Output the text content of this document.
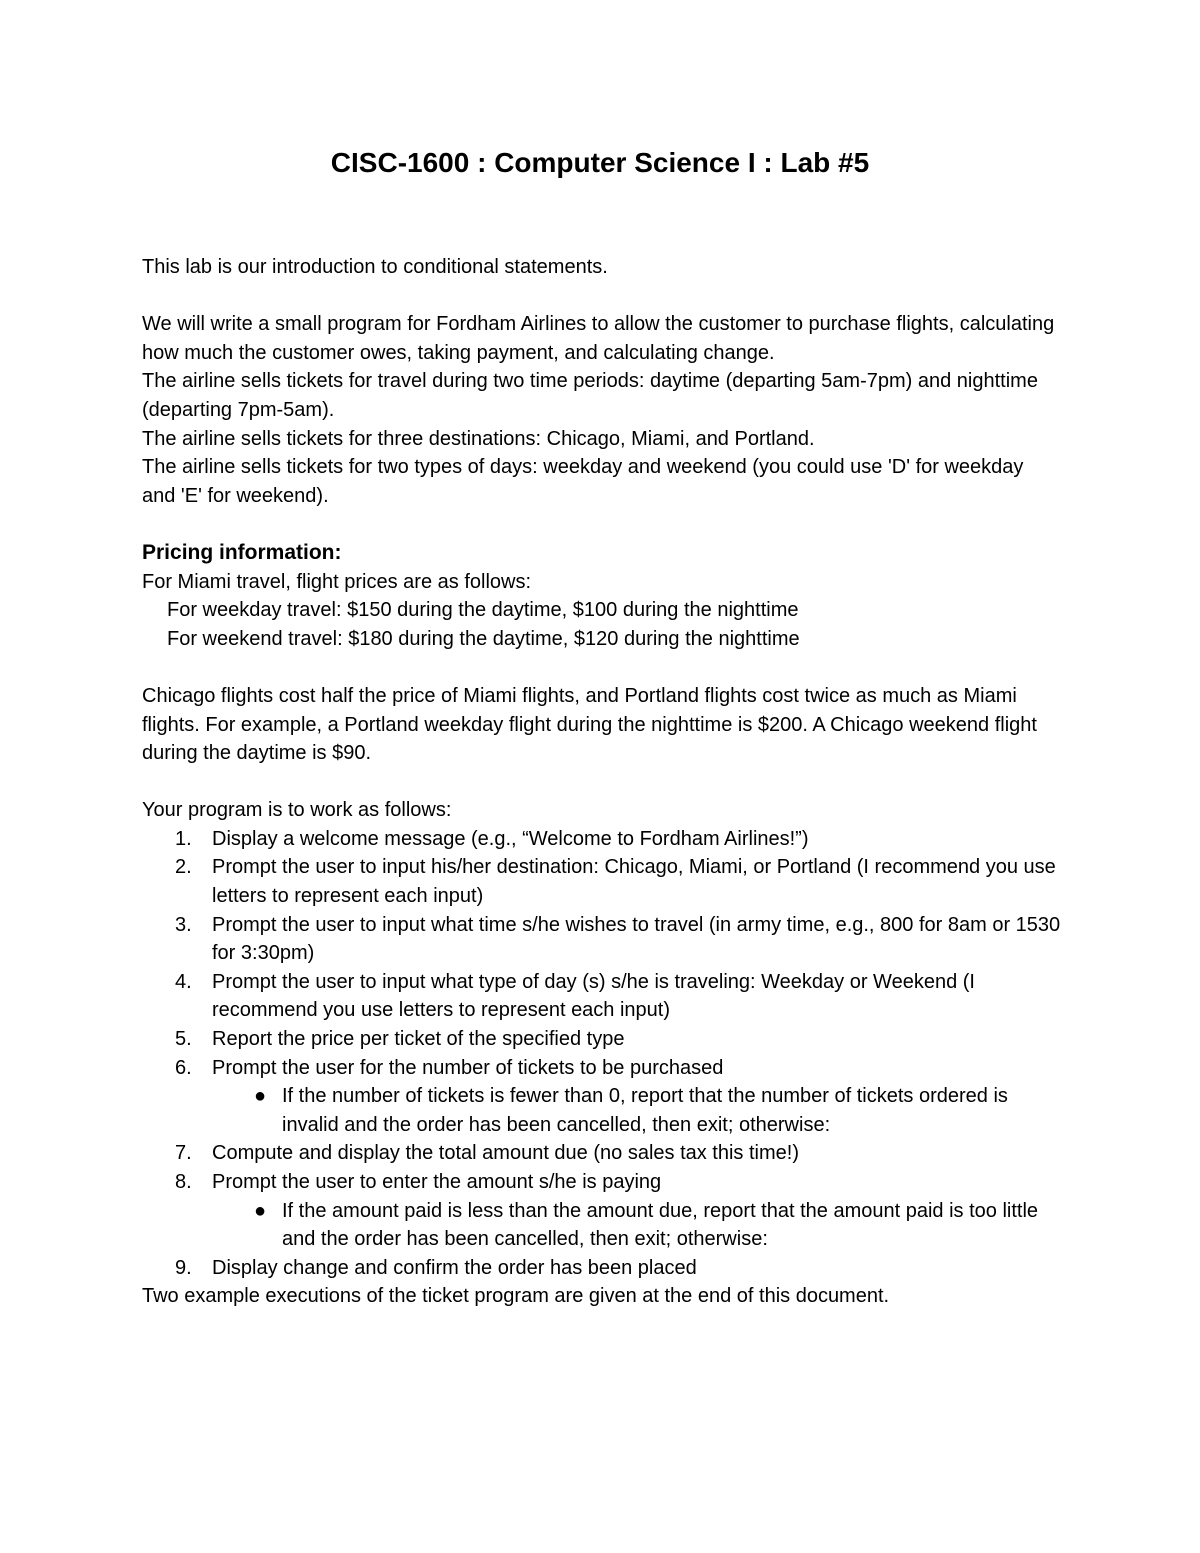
CISC-1600 : Computer Science I : Lab #5

This lab is our introduction to conditional statements.

We will write a small program for Fordham Airlines to allow the customer to purchase flights, calculating how much the customer owes, taking payment, and calculating change.

The airline sells tickets for travel during two time periods: daytime (departing 5am-7pm) and nighttime (departing 7pm-5am).

The airline sells tickets for three destinations: Chicago, Miami, and Portland.

The airline sells tickets for two types of days: weekday and weekend (you could use 'D' for weekday and 'E' for weekend).

Pricing information:

For Miami travel, flight prices are as follows:

For weekday travel: $150 during the daytime, $100 during the nighttime

For weekend travel: $180 during the daytime, $120 during the nighttime

Chicago flights cost half the price of Miami flights, and Portland flights cost twice as much as Miami flights. For example, a Portland weekday flight during the nighttime is $200. A Chicago weekend flight during the daytime is $90.

Your program is to work as follows:

1.	Display a welcome message (e.g., “Welcome to Fordham Airlines!”)
2.	Prompt the user to input his/her destination: Chicago, Miami, or Portland (I recommend you use letters to represent each input)
3.	Prompt the user to input what time s/he wishes to travel (in army time, e.g., 800 for 8am or 1530 for 3:30pm)
4.	Prompt the user to input what type of day (s) s/he is traveling: Weekday or Weekend (I recommend you use letters to represent each input)
5.	Report the price per ticket of the specified type
6.	Prompt the user for the number of tickets to be purchased
● If the number of tickets is fewer than 0, report that the number of tickets ordered is invalid and the order has been cancelled, then exit; otherwise:
7.	Compute and display the total amount due (no sales tax this time!)
8.	Prompt the user to enter the amount s/he is paying
● If the amount paid is less than the amount due, report that the amount paid is too little and the order has been cancelled, then exit; otherwise:
9.	Display change and confirm the order has been placed

Two example executions of the ticket program are given at the end of this document.
